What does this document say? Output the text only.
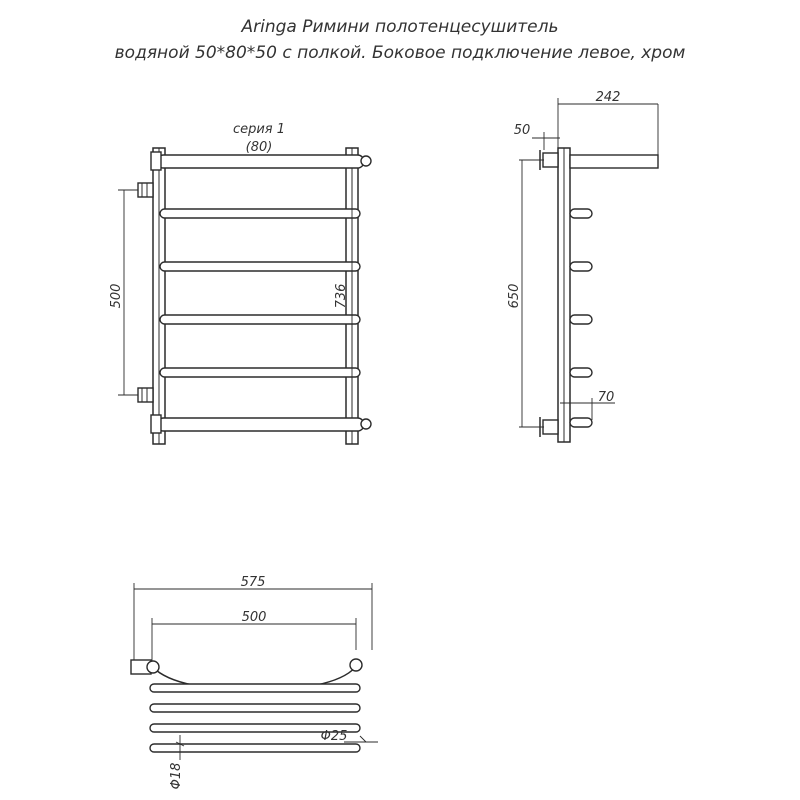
Aringa Римини полотенцесушитель
водяной 50*80*50 с полкой. Боковое подключение левое, хром
серия 1
(80)
500	736
242
50
650
70
575
500
Φ25
Φ18
